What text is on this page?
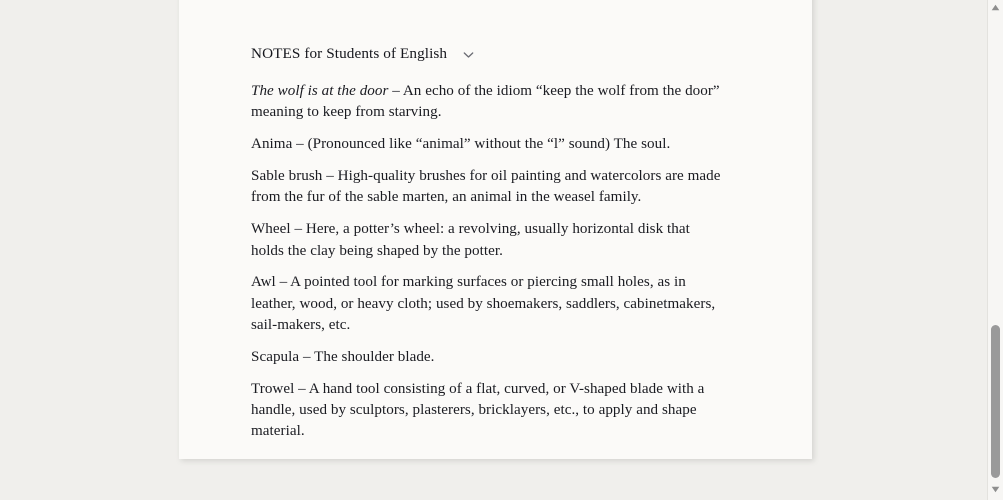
NOTES for Students of English

The wolf is at the door – An echo of the idiom “keep the wolf from the door” meaning to keep from starving.

Anima – (Pronounced like “animal” without the “l” sound) The soul.

Sable brush – High-quality brushes for oil painting and watercolors are made from the fur of the sable marten, an animal in the weasel family.

Wheel – Here, a potter’s wheel: a revolving, usually horizontal disk that holds the clay being shaped by the potter.

Awl – A pointed tool for marking surfaces or piercing small holes, as in leather, wood, or heavy cloth; used by shoemakers, saddlers, cabinetmakers, sail-makers, etc.

Scapula – The shoulder blade.

Trowel – A hand tool consisting of a flat, curved, or V-shaped blade with a handle, used by sculptors, plasterers, bricklayers, etc., to apply and shape material.
